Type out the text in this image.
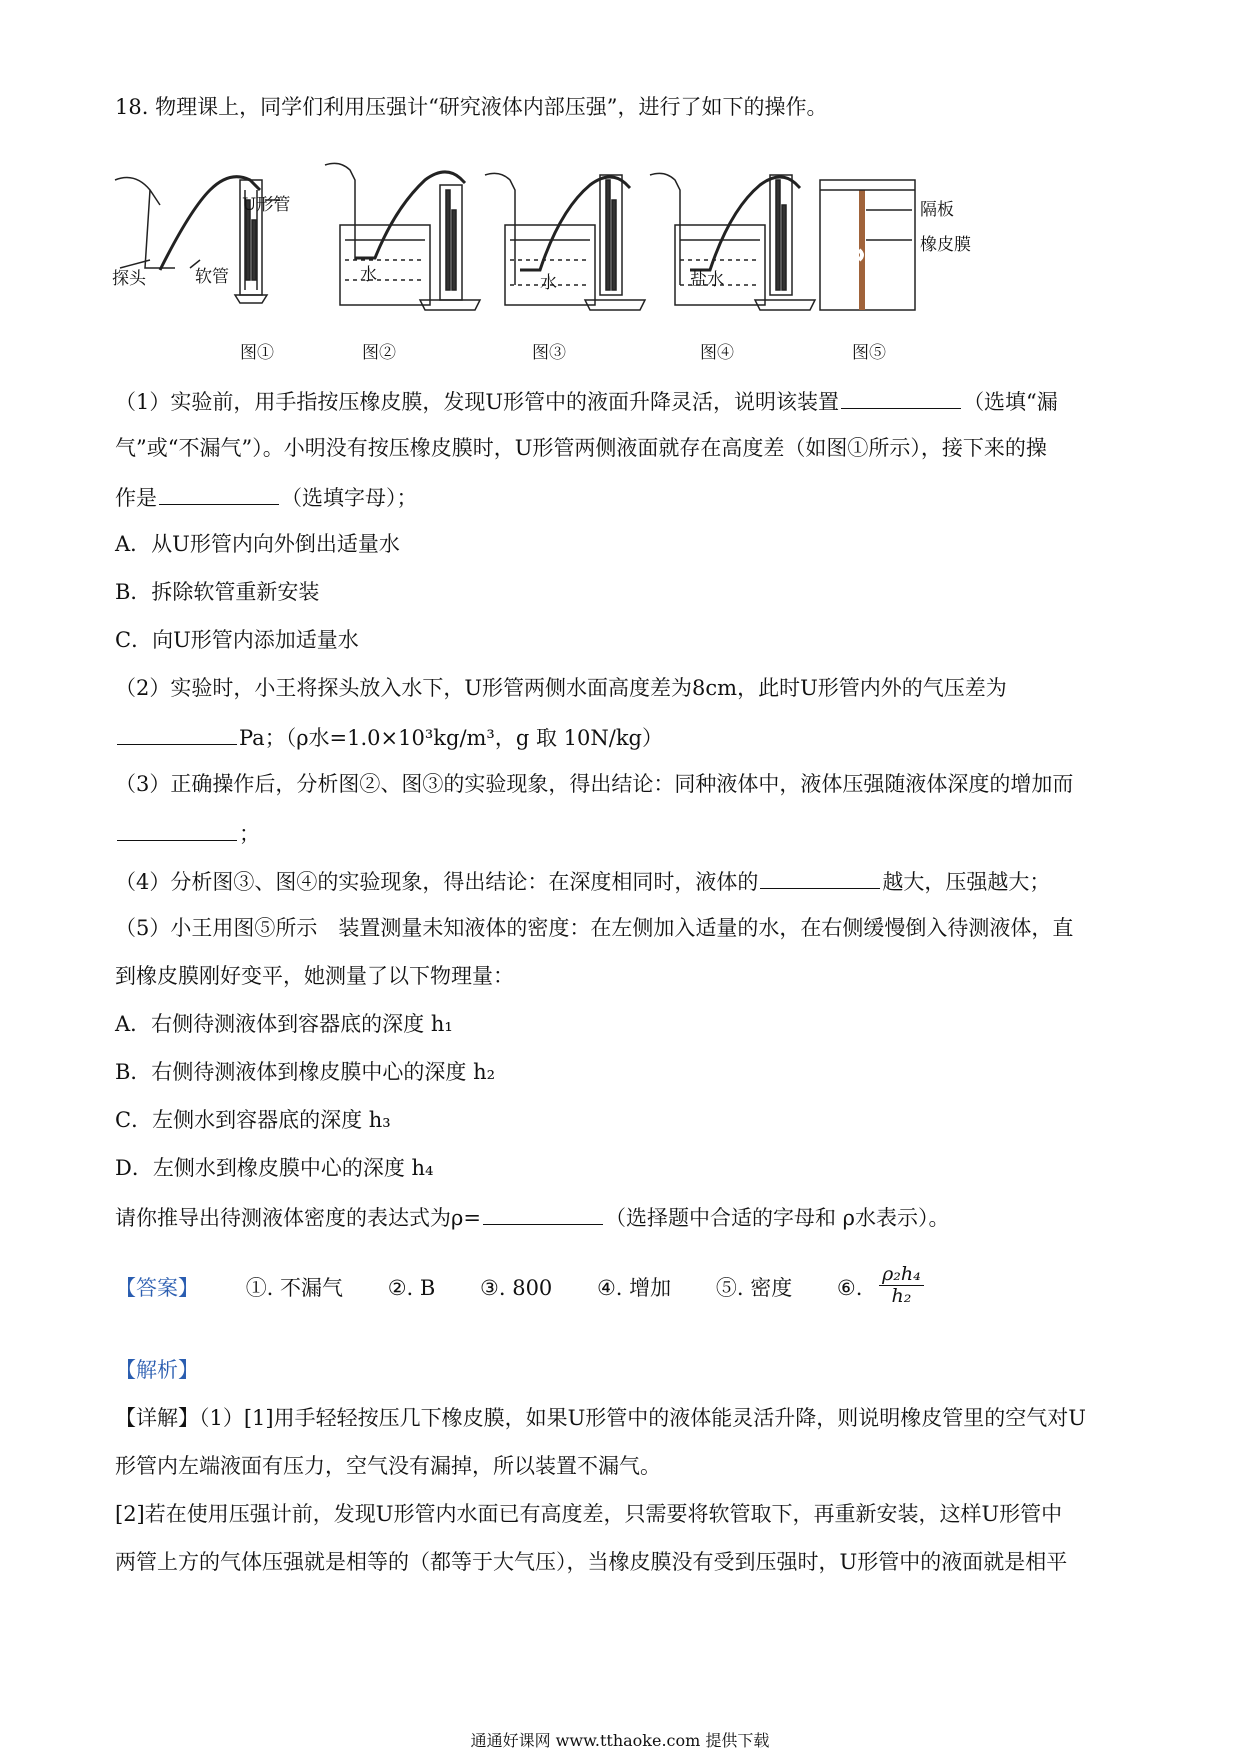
18. 物理课上，同学们利用压强计“研究液体内部压强”，进行了如下的操作。
U形管
探头	软管	水	水	盐水
隔板
橡皮膜
图①	图②	图③	图④	图⑤
（1）实验前，用手指按压橡皮膜，发现U形管中的液面升降灵活，说明该装置	（选填“漏
气”或“不漏气”）。小明没有按压橡皮膜时，U形管两侧液面就存在高度差（如图①所示），接下来的操
作是	（选填字母）；
A．从U形管内向外倒出适量水
B．拆除软管重新安装
C．向U形管内添加适量水
（2）实验时，小王将探头放入水下，U形管两侧水面高度差为8cm，此时U形管内外的气压差为
Pa；（ρ水=1.0×10³kg/m³，g 取 10N/kg）
（3）正确操作后，分析图②、图③的实验现象，得出结论：同种液体中，液体压强随液体深度的增加而
；
（4）分析图③、图④的实验现象，得出结论：在深度相同时，液体的	越大，压强越大；
（5）小王用图⑤所示　装置测量未知液体的密度：在左侧加入适量的水，在右侧缓慢倒入待测液体，直
到橡皮膜刚好变平，她测量了以下物理量：
A．右侧待测液体到容器底的深度 h₁
B．右侧待测液体到橡皮膜中心的深度 h₂
C．左侧水到容器底的深度 h₃
D．左侧水到橡皮膜中心的深度 h₄
请你推导出待测液体密度的表达式为ρ=	（选择题中合适的字母和 ρ水表示）。
【答案】 ①. 不漏气 ②. B ③. 800 ④. 增加 ⑤. 密度 ⑥. $\frac{\text{ρ₂h₄}}{\text{h₂}}$
【解析】
【详解】（1）[1]用手轻轻按压几下橡皮膜，如果U形管中的液体能灵活升降，则说明橡皮管里的空气对U
形管内左端液面有压力，空气没有漏掉，所以装置不漏气。
[2]若在使用压强计前，发现U形管内水面已有高度差，只需要将软管取下，再重新安装，这样U形管中
两管上方的气体压强就是相等的（都等于大气压），当橡皮膜没有受到压强时，U形管中的液面就是相平
通通好课网 www.tthaoke.com 提供下载
